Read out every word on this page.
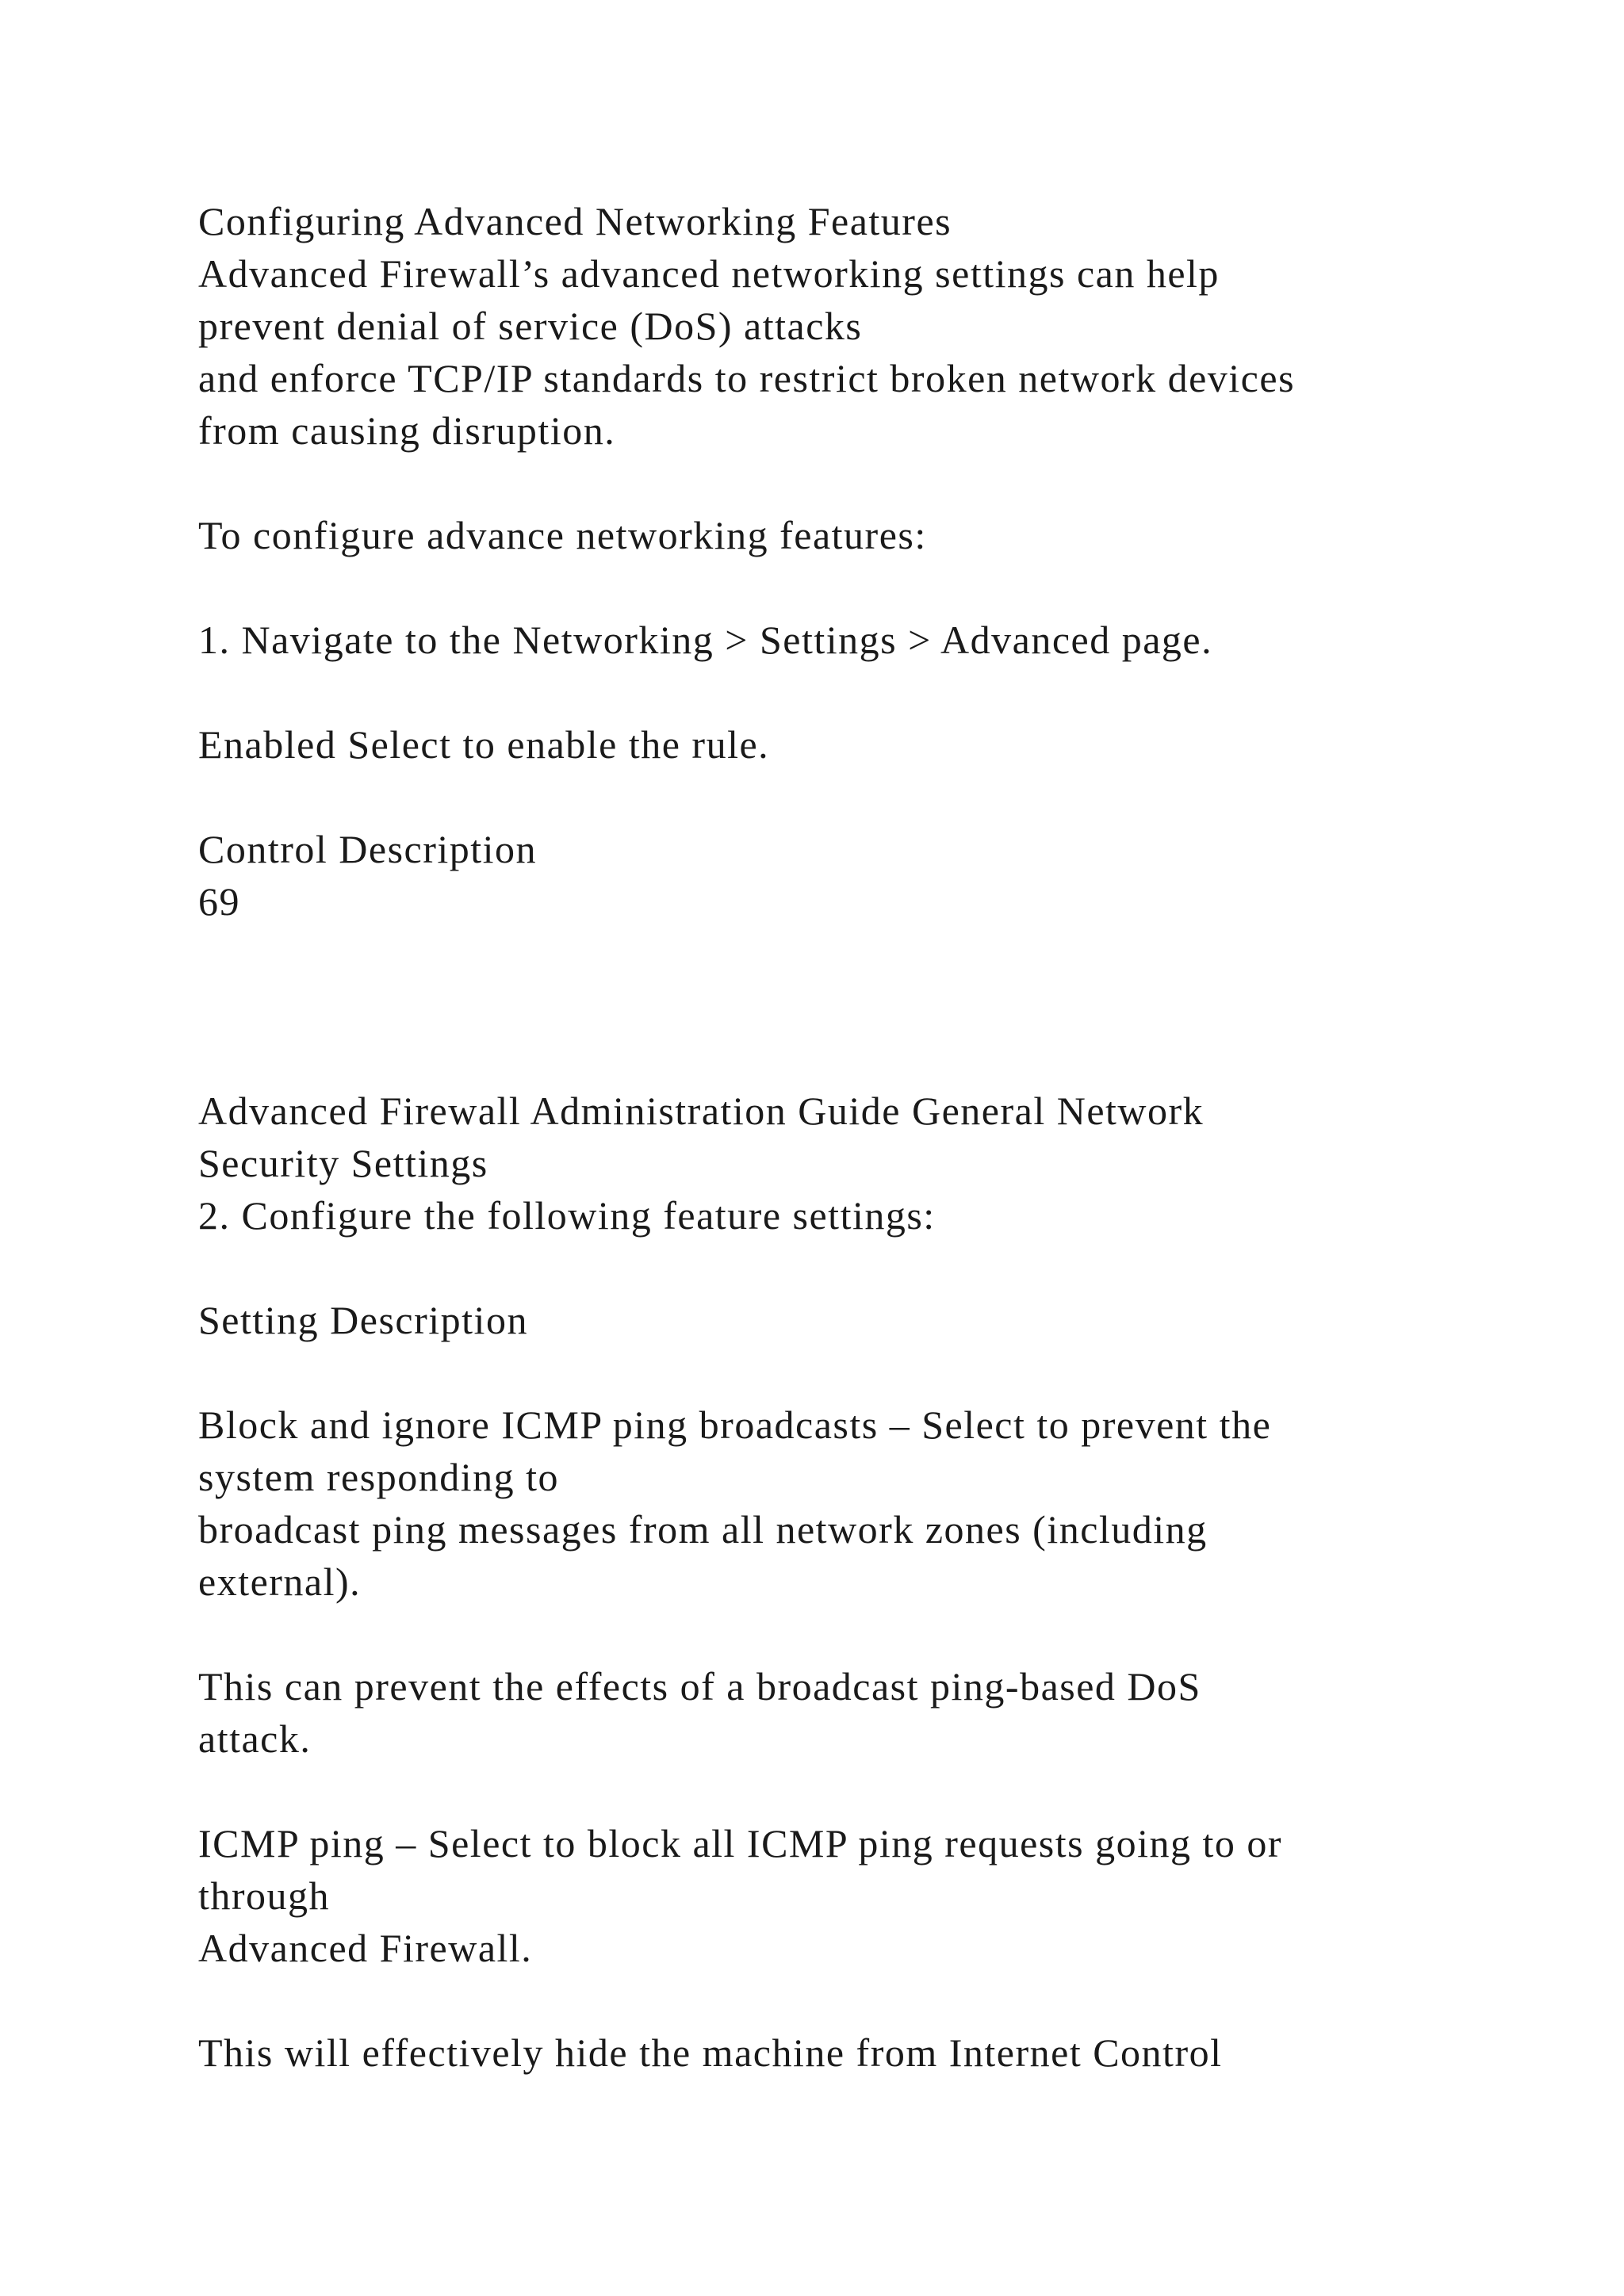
Configuring Advanced Networking Features
Advanced Firewall’s advanced networking settings can help
prevent denial of service (DoS) attacks
and enforce TCP/IP standards to restrict broken network devices
from causing disruption.
To configure advance networking features:
1. Navigate to the Networking > Settings > Advanced page.
Enabled Select to enable the rule.
Control Description
69
Advanced Firewall Administration Guide General Network
Security Settings
2. Configure the following feature settings:
Setting Description
Block and ignore ICMP ping broadcasts – Select to prevent the
system responding to
broadcast ping messages from all network zones (including
external).
This can prevent the effects of a broadcast ping-based DoS
attack.
ICMP ping – Select to block all ICMP ping requests going to or
through
Advanced Firewall.
This will effectively hide the machine from Internet Control
